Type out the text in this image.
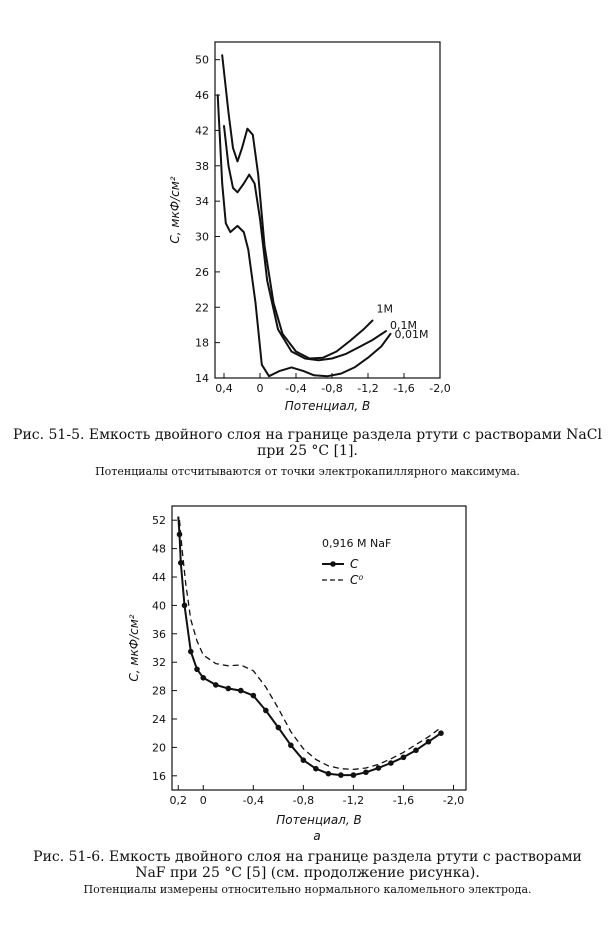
0,4 0 -0,4 -0,8 -1,2 -1,6 -2,0
14
18
22
26
30
34
38
42
46
50
Потенциал, В
С, мкФ/см²
1M
0,1M
0,01M
0,2 0	-0,4	-0,8	-1,2	-1,6	-2,0
16
20
24
28
32
36
40
44
48
52
Потенциал, В
С, мкФ/см²
0,916 M NaF
C
C⁰
а
Рис. 51-5. Емкость двойного слоя на границе раздела ртути с растворами NaCl
при 25 °C [1].
Потенциалы отсчитываются от точки электрокапиллярного максимума.
Рис. 51-6. Емкость двойного слоя на границе раздела ртути с растворами
NaF при 25 °C [5] (см. продолжение рисунка).
Потенциалы измерены относительно нормального каломельного электрода.
